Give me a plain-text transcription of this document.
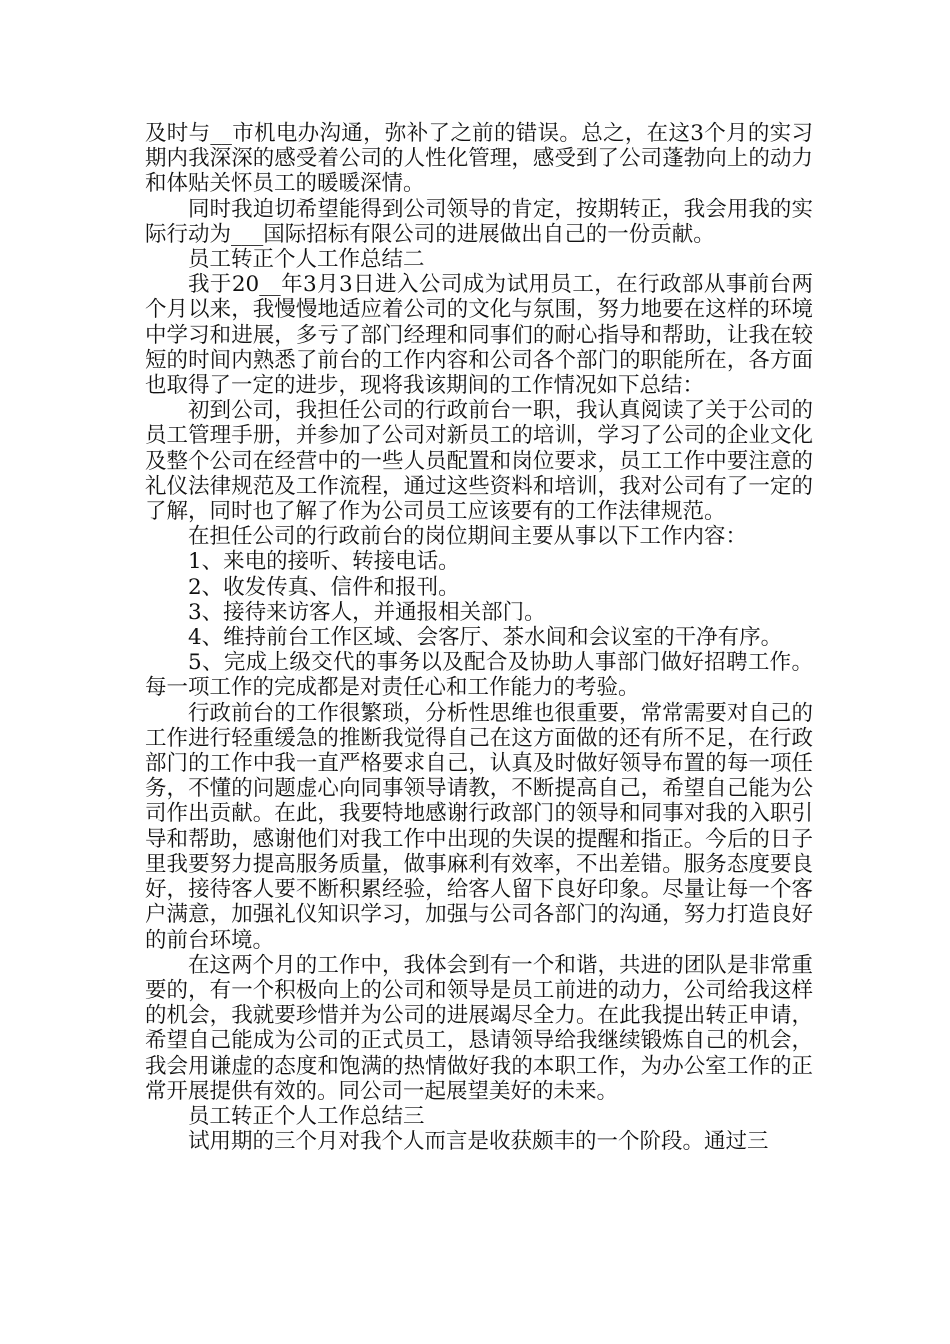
及时与__市机电办沟通，弥补了之前的错误。总之，在这3个月的实习期内我深深的感受着公司的人性化管理，感受到了公司蓬勃向上的动力和体贴关怀员工的暖暖深情。

同时我迫切希望能得到公司领导的肯定，按期转正，我会用我的实际行动为___国际招标有限公司的进展做出自己的一份贡献。

员工转正个人工作总结二

我于20__年3月3日进入公司成为试用员工，在行政部从事前台两个月以来，我慢慢地适应着公司的文化与氛围，努力地要在这样的环境中学习和进展，多亏了部门经理和同事们的耐心指导和帮助，让我在较短的时间内熟悉了前台的工作内容和公司各个部门的职能所在，各方面也取得了一定的进步，现将我该期间的工作情况如下总结：

初到公司，我担任公司的行政前台一职，我认真阅读了关于公司的员工管理手册，并参加了公司对新员工的培训，学习了公司的企业文化及整个公司在经营中的一些人员配置和岗位要求，员工工作中要注意的礼仪法律规范及工作流程，通过这些资料和培训，我对公司有了一定的了解，同时也了解了作为公司员工应该要有的工作法律规范。

在担任公司的行政前台的岗位期间主要从事以下工作内容：

1、来电的接听、转接电话。

2、收发传真、信件和报刊。

3、接待来访客人，并通报相关部门。

4、维持前台工作区域、会客厅、茶水间和会议室的干净有序。

5、完成上级交代的事务以及配合及协助人事部门做好招聘工作。每一项工作的完成都是对责任心和工作能力的考验。

行政前台的工作很繁琐，分析性思维也很重要，常常需要对自己的工作进行轻重缓急的推断我觉得自己在这方面做的还有所不足，在行政部门的工作中我一直严格要求自己，认真及时做好领导布置的每一项任务，不懂的问题虚心向同事领导请教，不断提高自己，希望自己能为公司作出贡献。在此，我要特地感谢行政部门的领导和同事对我的入职引导和帮助，感谢他们对我工作中出现的失误的提醒和指正。今后的日子里我要努力提高服务质量，做事麻利有效率，不出差错。服务态度要良好，接待客人要不断积累经验，给客人留下良好印象。尽量让每一个客户满意，加强礼仪知识学习，加强与公司各部门的沟通，努力打造良好的前台环境。

在这两个月的工作中，我体会到有一个和谐，共进的团队是非常重要的，有一个积极向上的公司和领导是员工前进的动力，公司给我这样的机会，我就要珍惜并为公司的进展竭尽全力。在此我提出转正申请，希望自己能成为公司的正式员工，恳请领导给我继续锻炼自己的机会，我会用谦虚的态度和饱满的热情做好我的本职工作，为办公室工作的正常开展提供有效的。同公司一起展望美好的未来。

员工转正个人工作总结三

试用期的三个月对我个人而言是收获颇丰的一个阶段。通过三
